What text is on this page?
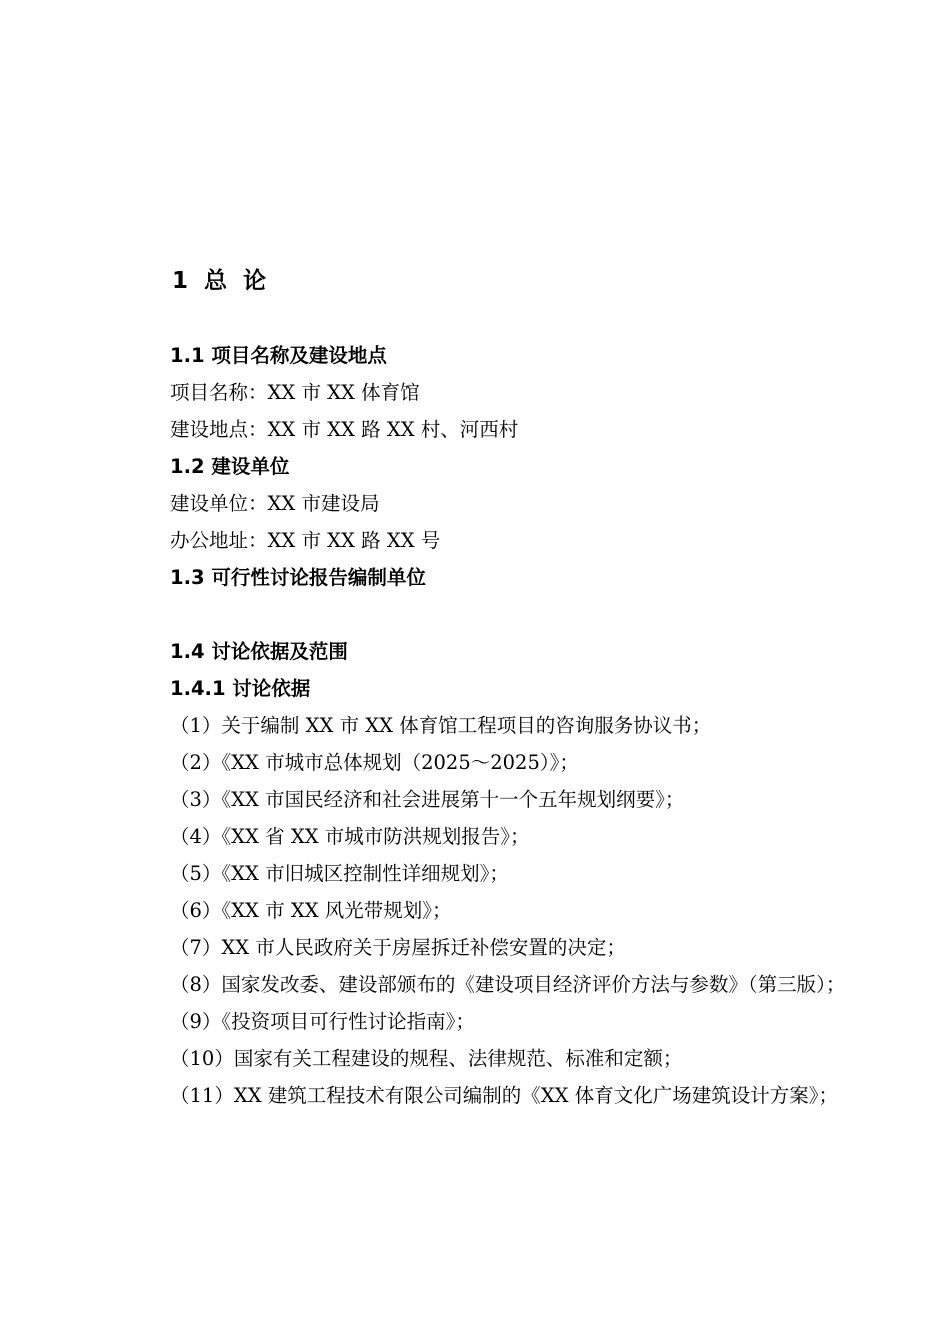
1 总 论

1.1 项目名称及建设地点

项目名称：XX 市 XX 体育馆

建设地点：XX 市 XX 路 XX 村、河西村

1.2 建设单位

建设单位：XX 市建设局

办公地址：XX 市 XX 路 XX 号

1.3 可行性讨论报告编制单位

1.4 讨论依据及范围

1.4.1 讨论依据

（1）关于编制 XX 市 XX 体育馆工程项目的咨询服务协议书；

（2）《XX 市城市总体规划（2025～2025）》；

（3）《XX 市国民经济和社会进展第十一个五年规划纲要》；

（4）《XX 省 XX 市城市防洪规划报告》；

（5）《XX 市旧城区控制性详细规划》；

（6）《XX 市 XX 风光带规划》；

（7）XX 市人民政府关于房屋拆迁补偿安置的决定；

（8）国家发改委、建设部颁布的《建设项目经济评价方法与参数》（第三版）；

（9）《投资项目可行性讨论指南》；

（10）国家有关工程建设的规程、法律规范、标准和定额；

（11）XX 建筑工程技术有限公司编制的《XX 体育文化广场建筑设计方案》；
